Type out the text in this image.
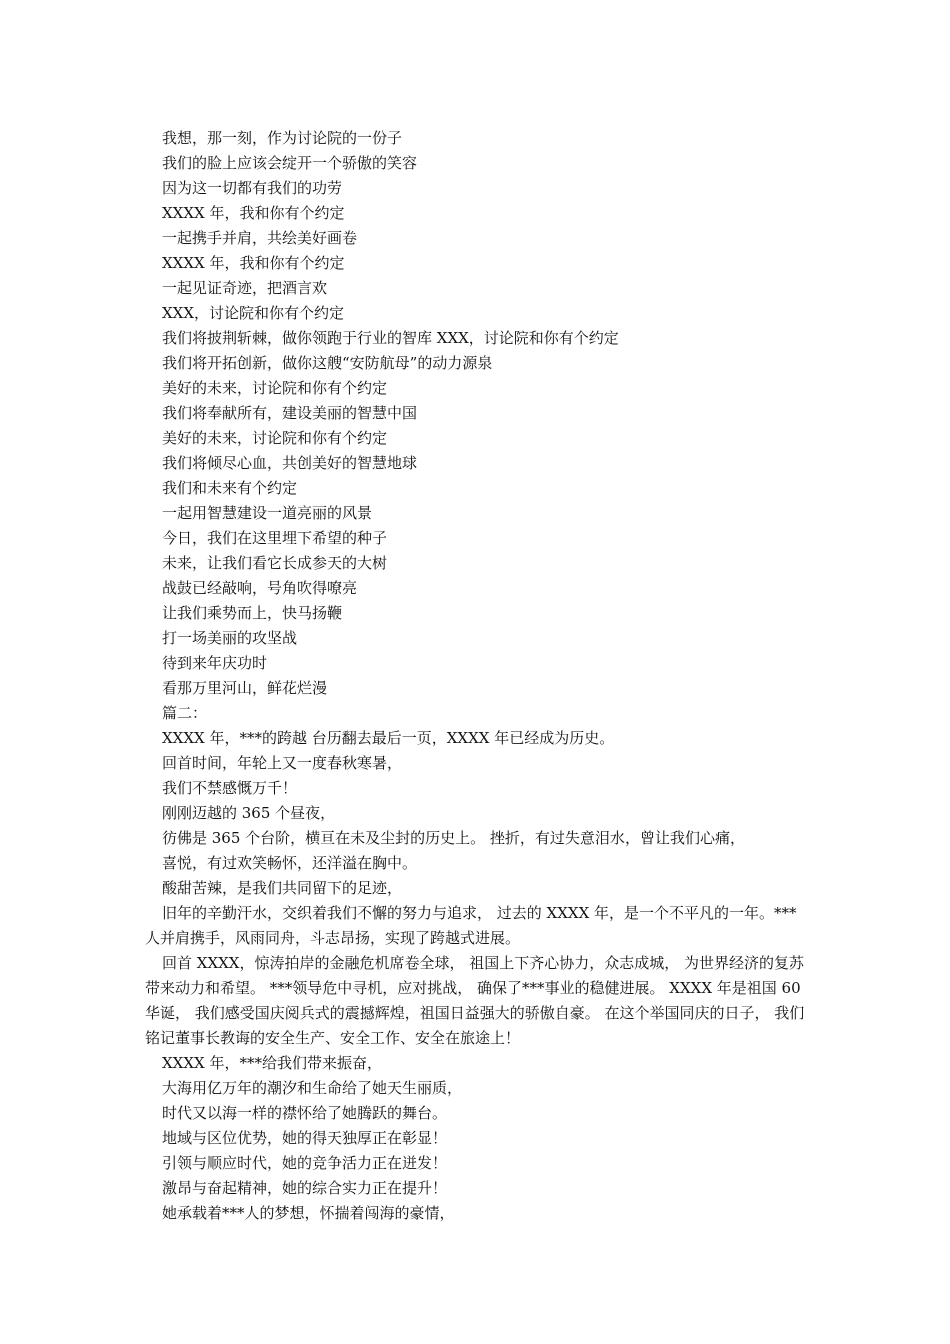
我想，那一刻，作为讨论院的一份子
我们的脸上应该会绽开一个骄傲的笑容
因为这一切都有我们的功劳
XXXX 年，我和你有个约定
一起携手并肩，共绘美好画卷
XXXX 年，我和你有个约定
一起见证奇迹，把酒言欢
XXX，讨论院和你有个约定
我们将披荆斩棘，做你领跑于行业的智库 XXX，讨论院和你有个约定
我们将开拓创新，做你这艘“安防航母”的动力源泉
美好的未来，讨论院和你有个约定
我们将奉献所有，建设美丽的智慧中国
美好的未来，讨论院和你有个约定
我们将倾尽心血，共创美好的智慧地球
我们和未来有个约定
一起用智慧建设一道亮丽的风景
今日，我们在这里埋下希望的种子
未来，让我们看它长成参天的大树
战鼓已经敲响，号角吹得嘹亮
让我们乘势而上，快马扬鞭
打一场美丽的攻坚战
待到来年庆功时
看那万里河山，鲜花烂漫
篇二：
XXXX 年，***的跨越 台历翻去最后一页，XXXX 年已经成为历史。
回首时间，年轮上又一度春秋寒暑，
我们不禁感慨万千！
刚刚迈越的 365 个昼夜，
彷佛是 365 个台阶，横亘在未及尘封的历史上。 挫折，有过失意泪水，曾让我们心痛，
喜悦，有过欢笑畅怀，还洋溢在胸中。
酸甜苦辣，是我们共同留下的足迹，
旧年的辛勤汗水，交织着我们不懈的努力与追求， 过去的 XXXX 年，是一个不平凡的一年。***人并肩携手，风雨同舟，斗志昂扬，实现了跨越式进展。
回首 XXXX，惊涛拍岸的金融危机席卷全球， 祖国上下齐心协力，众志成城， 为世界经济的复苏带来动力和希望。 ***领导危中寻机，应对挑战， 确保了***事业的稳健进展。 XXXX 年是祖国 60 华诞， 我们感受国庆阅兵式的震撼辉煌，祖国日益强大的骄傲自豪。 在这个举国同庆的日子， 我们铭记董事长教诲的安全生产、安全工作、安全在旅途上！
XXXX 年，***给我们带来振奋，
大海用亿万年的潮汐和生命给了她天生丽质，
时代又以海一样的襟怀给了她腾跃的舞台。
地域与区位优势，她的得天独厚正在彰显！
引领与顺应时代，她的竞争活力正在迸发！
激昂与奋起精神，她的综合实力正在提升！
她承载着***人的梦想，怀揣着闯海的豪情，
